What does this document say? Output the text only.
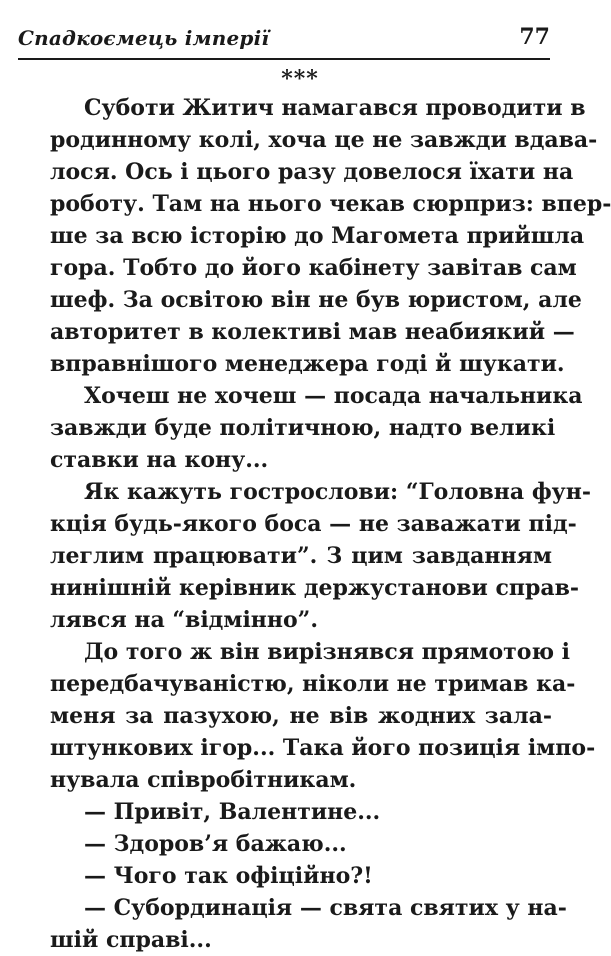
Спадкоємець імперії	77
***
Суботи Житич намагався проводити в
родинному колі, хоча це не завжди вдава-
лося. Ось і цього разу довелося їхати на
роботу. Там на нього чекав сюрприз: впер-
ше за всю історію до Магомета прийшла
гора. Тобто до його кабінету завітав сам
шеф. За освітою він не був юристом, але
авторитет в колективі мав неабиякий —
вправнішого менеджера годі й шукати.
Хочеш не хочеш — посада начальника
завжди буде політичною, надто великі
ставки на кону...
Як кажуть гострослови: “Головна фун-
кція будь-якого боса — не заважати під-
леглим працювати”. З цим завданням
нинішній керівник держустанови справ-
лявся на “відмінно”.
До того ж він вирізнявся прямотою і
передбачуваністю, ніколи не тримав ка-
меня за пазухою, не вів жодних зала-
штункових ігор... Така його позиція імпо-
нувала співробітникам.
— Привіт, Валентине...
— Здоров’я бажаю...
— Чого так офіційно?!
— Субординація — свята святих у на-
шій справі...
